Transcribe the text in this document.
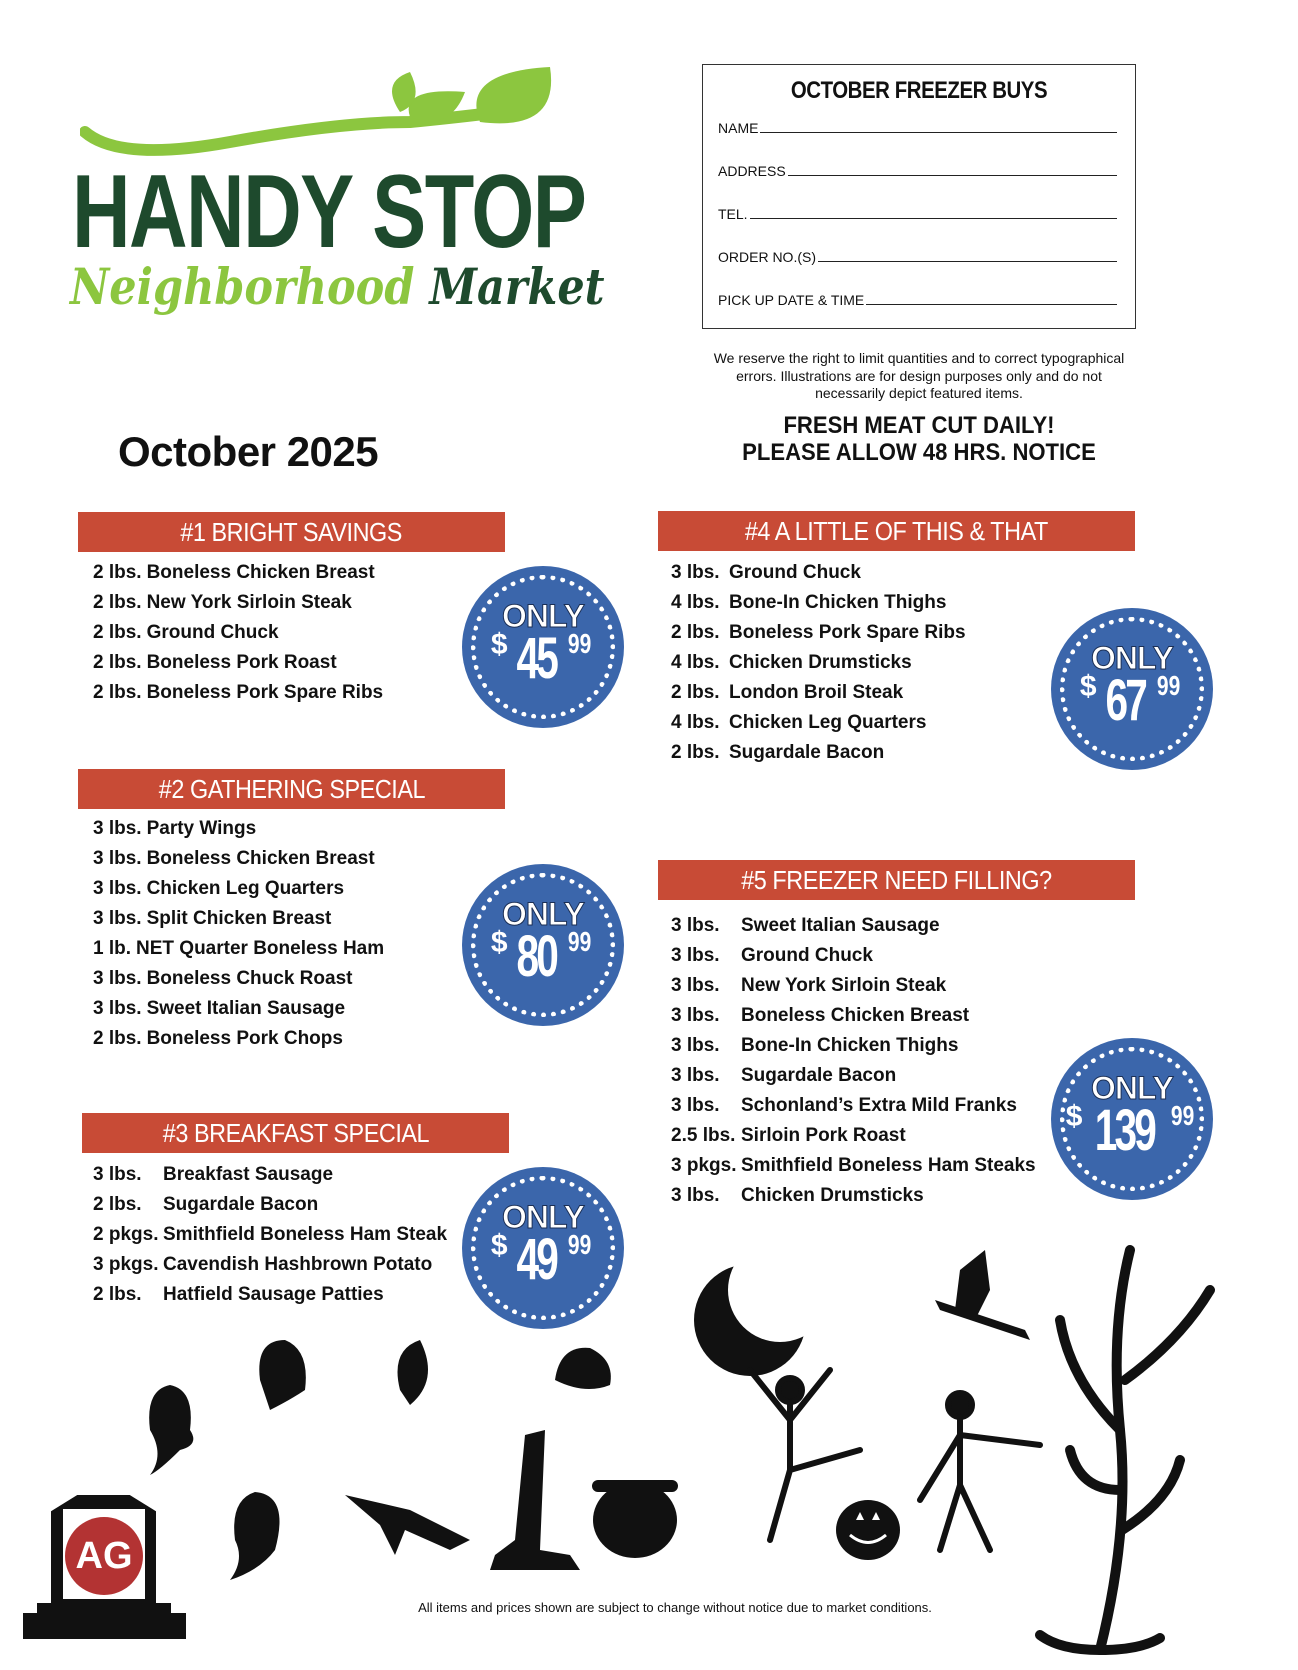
HANDY STOP
Neighborhood Market
OCTOBER FREEZER BUYS
NAME
ADDRESS
TEL.
ORDER NO.(S)
PICK UP DATE & TIME
We reserve the right to limit quantities and to correct typographical errors. Illustrations are for design purposes only and do not necessarily depict featured items.
FRESH MEAT CUT DAILY!
PLEASE ALLOW 48 HRS. NOTICE
October 2025
#1 BRIGHT SAVINGS
2 lbs. Boneless Chicken Breast
2 lbs. New York Sirloin Steak
2 lbs. Ground Chuck
2 lbs. Boneless Pork Roast
2 lbs. Boneless Pork Spare Ribs
ONLY
$ 45 99
#2 GATHERING SPECIAL
3 lbs. Party Wings
3 lbs. Boneless Chicken Breast
3 lbs. Chicken Leg Quarters
3 lbs. Split Chicken Breast
1 lb. NET Quarter Boneless Ham
3 lbs. Boneless Chuck Roast
3 lbs. Sweet Italian Sausage
2 lbs. Boneless Pork Chops
ONLY
$ 80 99
#3 BREAKFAST SPECIAL
3 lbs.	Breakfast Sausage
2 lbs.	Sugardale Bacon
2 pkgs. Smithfield Boneless Ham Steak
3 pkgs. Cavendish Hashbrown Potato
2 lbs.	Hatfield Sausage Patties
ONLY
$ 49 99
#4 A LITTLE OF THIS & THAT
3 lbs. Ground Chuck
4 lbs. Bone-In Chicken Thighs
2 lbs. Boneless Pork Spare Ribs
4 lbs. Chicken Drumsticks
2 lbs. London Broil Steak
4 lbs. Chicken Leg Quarters
2 lbs. Sugardale Bacon
ONLY
$ 67 99
#5 FREEZER NEED FILLING?
3 lbs.	Sweet Italian Sausage
3 lbs.	Ground Chuck
3 lbs.	New York Sirloin Steak
3 lbs.	Boneless Chicken Breast
3 lbs.	Bone-In Chicken Thighs
3 lbs.	Sugardale Bacon
3 lbs.	Schonland’s Extra Mild Franks
2.5 lbs. Sirloin Pork Roast
3 pkgs. Smithfield Boneless Ham Steaks
3 lbs.	Chicken Drumsticks
ONLY
$ 139 99
AG
All items and prices shown are subject to change without notice due to market conditions.
